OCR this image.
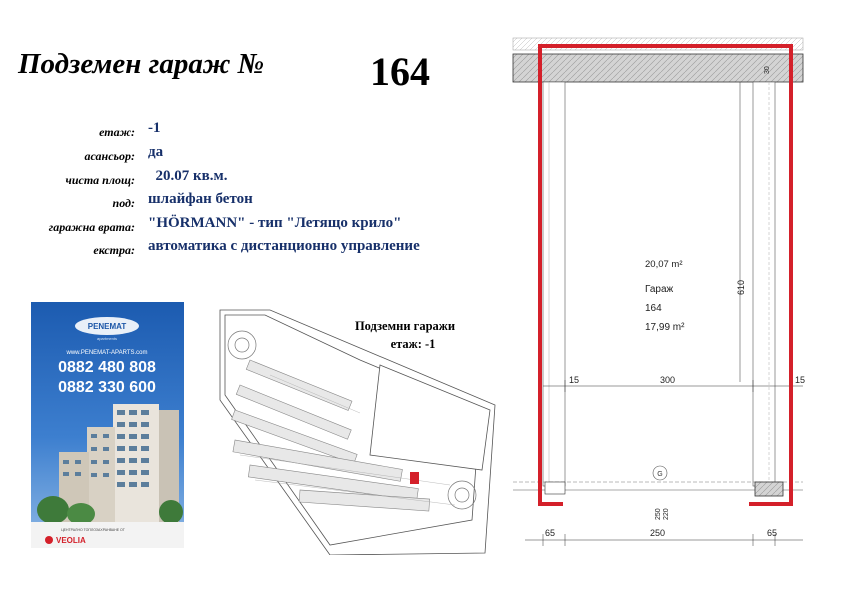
Подземен гараж №	164
етаж: -1
асансьор: да
чиста площ: 20.07 кв.м.
под: шлайфан бетон
гаражна врата: "HÖRMANN" - тип "Летящо крило"
екстра: автоматика с дистанционно управление
PENEMAT
apartments
www.PENEMAT-APARTS.com
0882 480 808
0882 330 600
ЦЕНТРАЛНО ТОПЛОЗАХРАНВАНЕ ОТ
VEOLIA
Подземни гаражи
етаж: -1
610
30
20,07 m²
Гараж
164
17,99 m²
15	300	15
G
250 220
65	250	65
